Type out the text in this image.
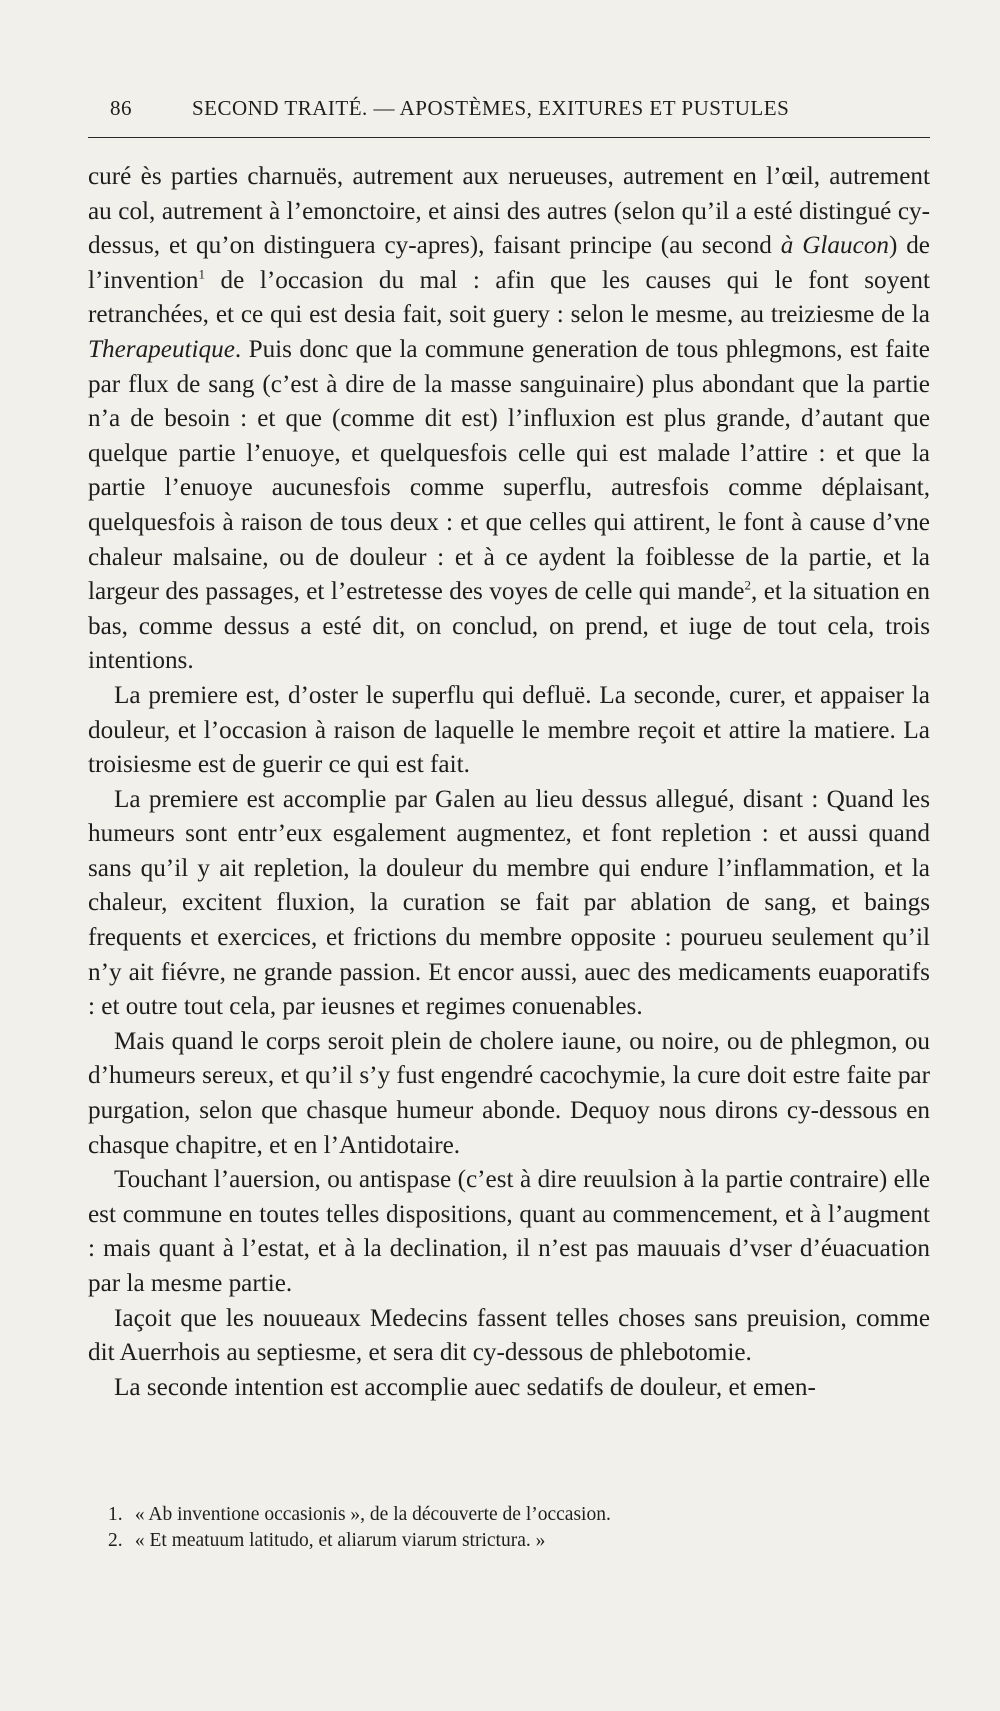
86	SECOND TRAITÉ. — APOSTÈMES, EXITURES ET PUSTULES

curé ès parties charnuës, autrement aux nerueuses, autrement en l’œil, autrement au col, autrement à l’emonctoire, et ainsi des autres (selon qu’il a esté distingué cy-dessus, et qu’on distinguera cy-apres), faisant principe (au second à Glaucon) de l’invention$^1$ de l’occasion du mal : afin que les causes qui le font soyent retranchées, et ce qui est desia fait, soit guery : selon le mesme, au treiziesme de la Therapeutique. Puis donc que la commune generation de tous phlegmons, est faite par flux de sang (c’est à dire de la masse sanguinaire) plus abondant que la partie n’a de besoin : et que (comme dit est) l’influxion est plus grande, d’autant que quelque partie l’enuoye, et quelquesfois celle qui est malade l’attire : et que la partie l’enuoye aucunesfois comme superflu, autresfois comme déplaisant, quelquesfois à raison de tous deux : et que celles qui attirent, le font à cause d’vne chaleur malsaine, ou de douleur : et à ce aydent la foiblesse de la partie, et la largeur des passages, et l’estretesse des voyes de celle qui mande$^2$, et la situation en bas, comme dessus a esté dit, on conclud, on prend, et iuge de tout cela, trois intentions.

La premiere est, d’oster le superflu qui defluë. La seconde, curer, et appaiser la douleur, et l’occasion à raison de laquelle le membre reçoit et attire la matiere. La troisiesme est de guerir ce qui est fait.

La premiere est accomplie par Galen au lieu dessus allegué, disant : Quand les humeurs sont entr’eux esgalement augmentez, et font repletion : et aussi quand sans qu’il y ait repletion, la douleur du membre qui endure l’inflammation, et la chaleur, excitent fluxion, la curation se fait par ablation de sang, et baings frequents et exercices, et frictions du membre opposite : pourueu seulement qu’il n’y ait fiévre, ne grande passion. Et encor aussi, auec des medicaments euaporatifs : et outre tout cela, par ieusnes et regimes conuenables.

Mais quand le corps seroit plein de cholere iaune, ou noire, ou de phlegmon, ou d’humeurs sereux, et qu’il s’y fust engendré cacochymie, la cure doit estre faite par purgation, selon que chasque humeur abonde. Dequoy nous dirons cy-dessous en chasque chapitre, et en l’Antidotaire.

Touchant l’auersion, ou antispase (c’est à dire reuulsion à la partie contraire) elle est commune en toutes telles dispositions, quant au commencement, et à l’augment : mais quant à l’estat, et à la declination, il n’est pas mauuais d’vser d’éuacuation par la mesme partie.

Iaçoit que les nouueaux Medecins fassent telles choses sans preuision, comme dit Auerrhois au septiesme, et sera dit cy-dessous de phlebotomie.

La seconde intention est accomplie auec sedatifs de douleur, et emen-

1. « Ab inventione occasionis », de la découverte de l’occasion.
2. « Et meatuum latitudo, et aliarum viarum strictura. »
